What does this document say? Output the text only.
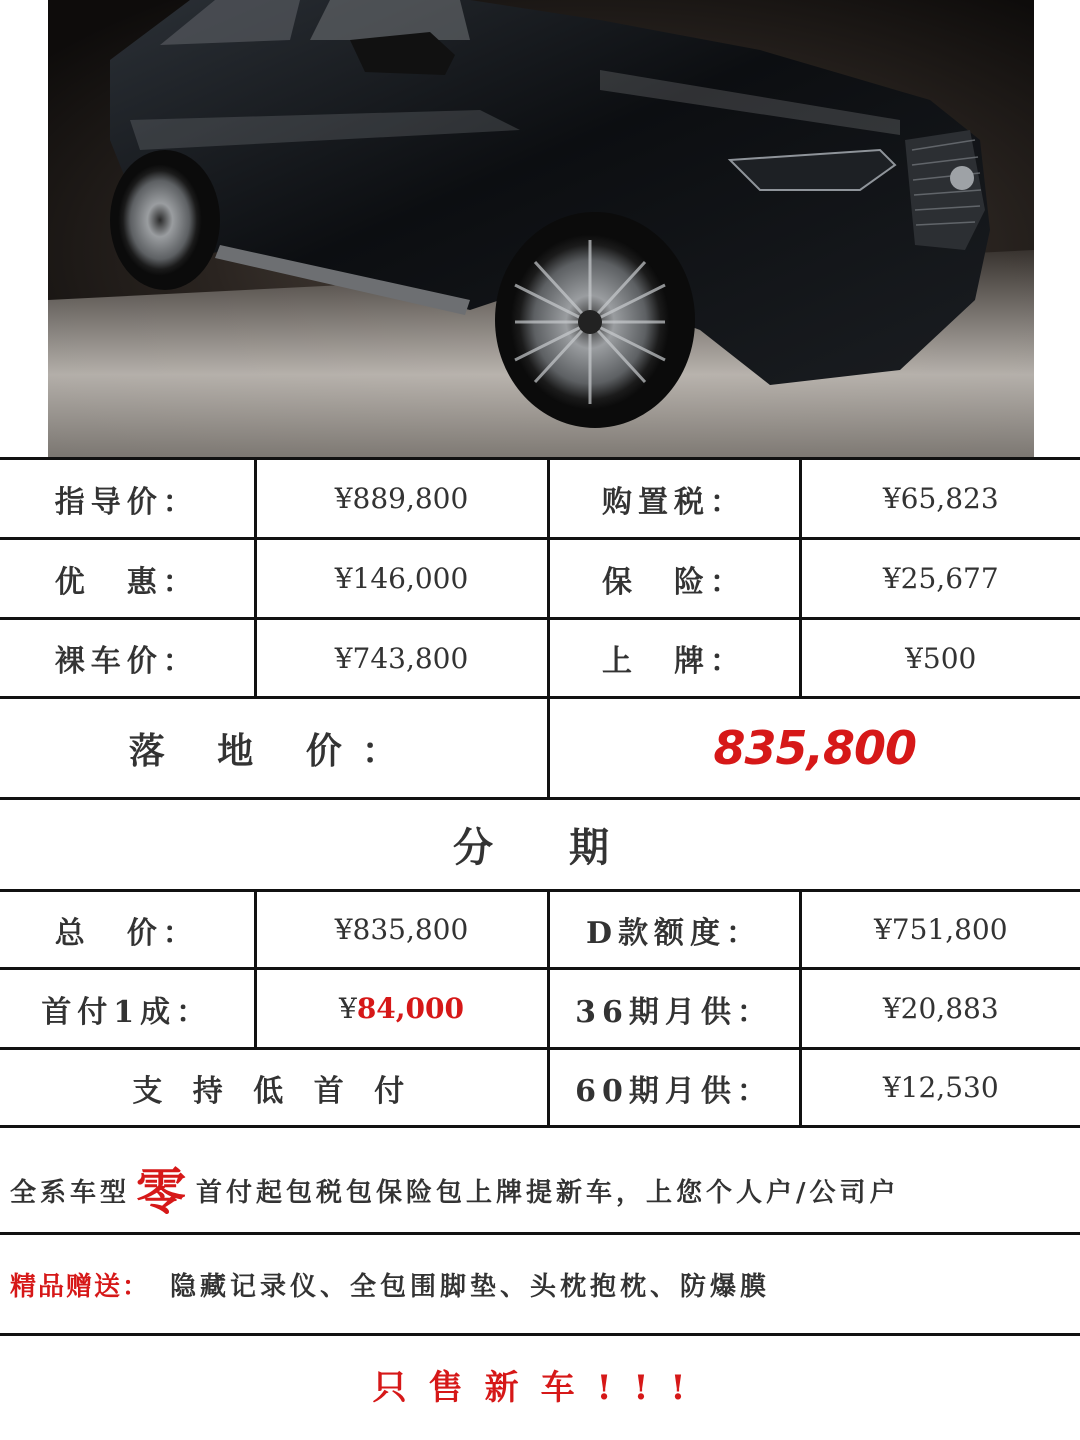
指导价：	¥889,800	购置税：	¥65,823
优　惠：	¥146,000	保　险：	¥25,677
裸车价：	¥743,800	上　牌：	¥500
落 地 价：		835,800	
分　期			
总　价：	¥835,800	D款额度：	¥751,800
首付1成：	¥84,000	36期月供：	¥20,883
支 持 低 首 付		60期月供：	¥12,530
全系车型 零 首付起包税包保险包上牌提新车，上您个人户/公司户
精品赠送： 隐藏记录仪、全包围脚垫、头枕抱枕、防爆膜
只售新车!!!
